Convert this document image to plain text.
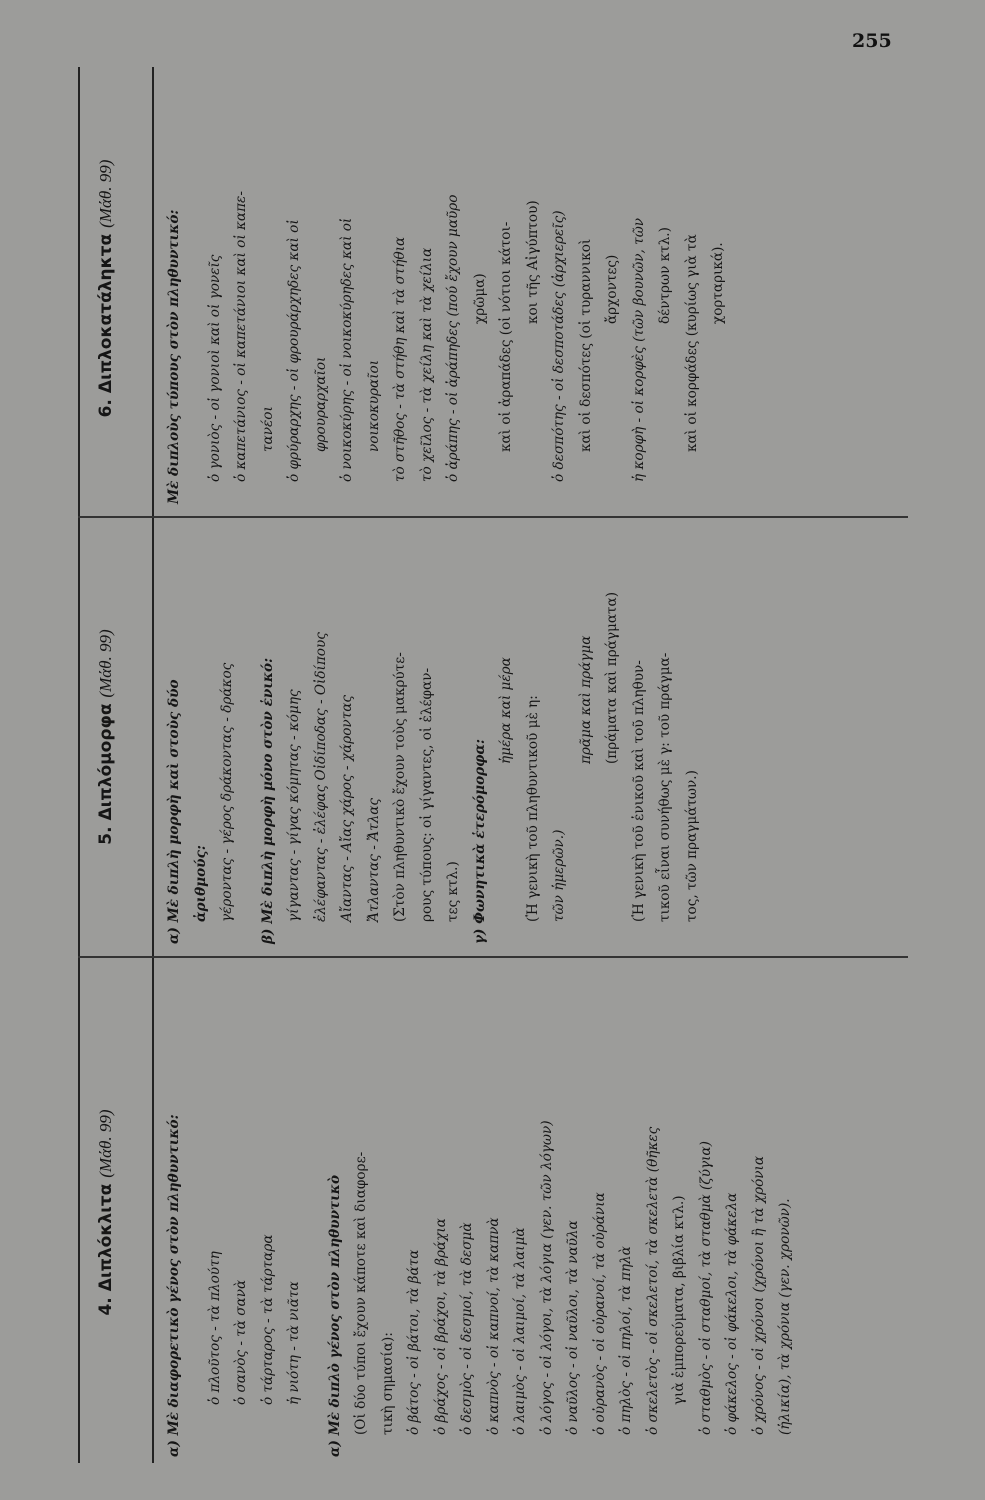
255
4. Διπλόκλιτα (Μάθ. 99)	α) Μὲ διαφορετικὸ γένος στὸν πληθυντικό:	ὁ πλοῦτος - τὰ πλούτη ὁ σανὸς - τὰ σανὰ ὁ τάρταρος - τὰ τάρταρα ἡ νιότη - τὰ νιᾶτα	α) Μὲ διπλὸ γένος στὸν πληθυντικὸ (Οἱ δύο τύποι ἔχουν κάποτε καὶ διαφορε- τικὴ σημασία): ὁ βάτος - οἱ βάτοι, τὰ βάτα ὁ βράχος - οἱ βράχοι, τὰ βράχια ὁ δεσμὸς - οἱ δεσμοί, τὰ δεσμὰ ὁ καπνὸς - οἱ καπνοί, τὰ καπνὰ ὁ λαιμὸς - οἱ λαιμοί, τὰ λαιμὰ ὁ λόγος - οἱ λόγοι, τὰ λόγια (γεν. τῶν λόγων) ὁ ναῦλος - οἱ ναῦλοι, τὰ ναῦλα ὁ οὐρανὸς - οἱ οὐρανοί, τὰ οὐράνια ὁ πηλὸς - οἱ πηλοί, τὰ πηλὰ ὁ σκελετὸς - οἱ σκελετοί, τὰ σκελετὰ (θῆκες γιὰ ἐμπορεύματα, βιβλία κτλ.) ὁ σταθμὸς - οἱ σταθμοί, τὰ σταθμὰ (ζύγια) ὁ φάκελος - οἱ φάκελοι, τὰ φάκελα ὁ χρόνος - οἱ χρόνοι (χρόνοι ἢ τὰ χρόνια (ἡλικία), τὰ χρόνια (γεν. χρονῶν).
5. Διπλόμορφα (Μάθ. 99)
α) Μὲ διπλὴ μορφὴ καὶ στοὺς δύο ἀριθμούς: γέροντας - γέρος δράκοντας - δράκος	β) Μὲ διπλὴ μορφὴ μόνο στὸν ἑνικό: γίγαντας - γίγας κόμητας - κόμης ἐλέφαντας - ἐλέφας Οἰδίποδας - Οἰδίπους Αἴαντας - Αἴας χάρος - χάροντας Ἄτλαντας - Ἄτλας (Στὸν πληθυντικὸ ἔχουν τοὺς μακρύτε- ρους τύπους: οἱ γίγαντες, οἱ ἐλέφαν- τες κτλ.) γ) Φωνητικὰ ἑτερόμορφα:
ἡμέρα καὶ μέρα (Ἡ γενικὴ τοῦ πληθυντικοῦ μὲ η: τῶν ἡμερῶν.)
πρᾶμα καὶ πράγμα (πράματα καὶ πράγματα) (Ἡ γενικὴ τοῦ ἑνικοῦ καὶ τοῦ πληθυν- τικοῦ εἶναι συνήθως μὲ γ: τοῦ πράγμα- τος, τῶν πραγμάτων.)
6. Διπλοκατάληκτα (Μάθ. 99)
Μὲ διπλοὺς τύπους στὸν πληθυντικό:	ὁ γονιὸς - οἱ γονιοὶ καὶ οἱ γονεῖς ὁ καπετάνιος - οἱ καπετάνιοι καὶ οἱ καπε- τανέοι ὁ φρύραρχης - οἱ φρουράρχηδες καὶ οἱ φρουραρχαῖοι ὁ νοικοκύρης - οἱ νοικοκύρηδες καὶ οἱ νοικοκυραῖοι τὸ στῆθος - τὰ στήθη καὶ τὰ στήθια τὸ χεῖλος - τὰ χείλη καὶ τὰ χείλια ὁ ἀράπης - οἱ ἀράπηδες (πού ἔχουν μαῦρο χρῶμα) καὶ οἱ ἀραπάδες (οἱ νότιοι κάτοι- κοι τῆς Αἰγύπτου) ὁ δεσπότης - οἱ δεσποτάδες (ἀρχιερεῖς) καὶ οἱ δεσπότες (οἱ τυραννικοὶ ἄρχοντες) ἡ κορφὴ - οἱ κορφὲς (τῶν βουνῶν, τῶν δέντρων κτλ.) καὶ οἱ κορφάδες (κυρίως γιὰ τὰ χορταρικά).
